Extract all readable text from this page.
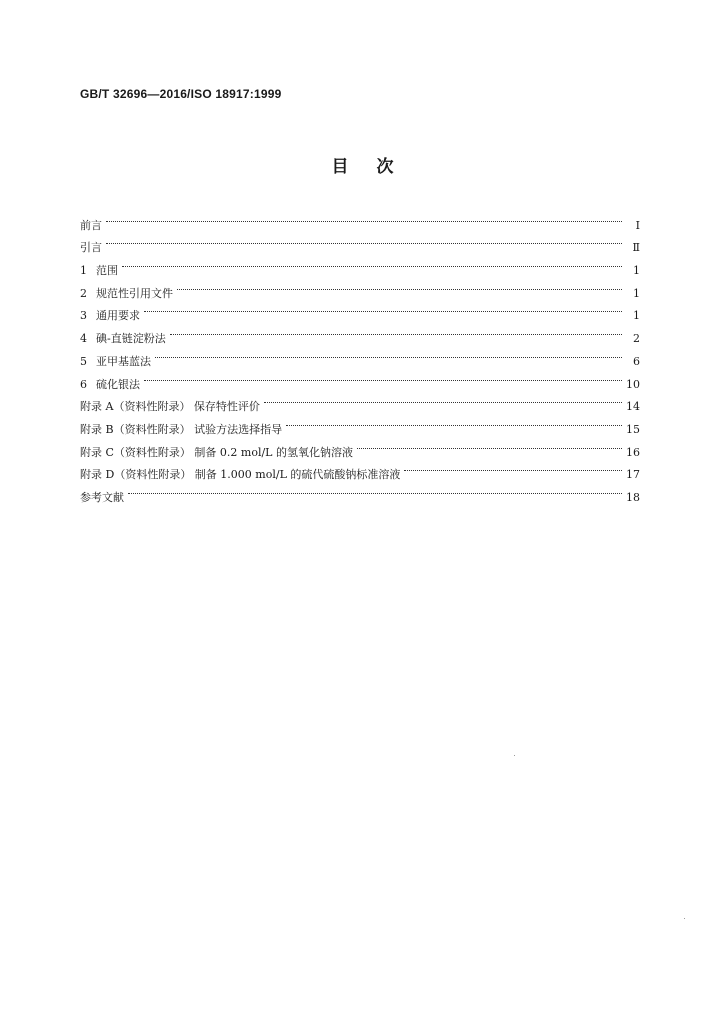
GB/T 32696—2016/ISO 18917:1999
目 次
前言	Ⅰ
引言	Ⅱ
1 范围	1
2 规范性引用文件	1
3 通用要求	1
4 碘-直链淀粉法	2
5 亚甲基蓝法	6
6 硫化银法	10
附录 A（资料性附录） 保存特性评价	14
附录 B（资料性附录） 试验方法选择指导	15
附录 C（资料性附录） 制备 0.2 mol/L 的氢氧化钠溶液	16
附录 D（资料性附录） 制备 1.000 mol/L 的硫代硫酸钠标准溶液	17
参考文献	18
